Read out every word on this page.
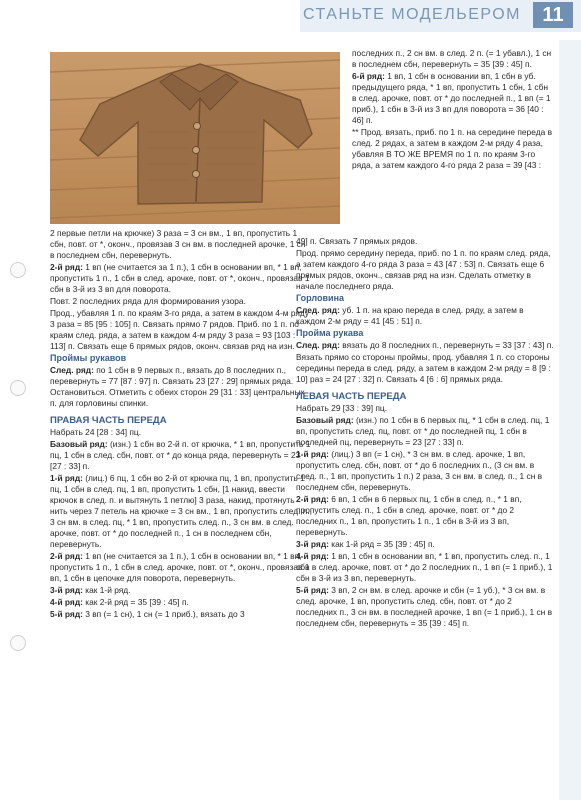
СТАНЬТЕ МОДЕЛЬЕРОМ	11

последних п., 2 сн вм. в след. 2 п. (= 1 убавл.), 1 сн в последнем сбн, перевернуть = 35 [39 : 45] п.

6-й ряд: 1 вп, 1 сбн в основании вп, 1 сбн в уб. предыдущего ряда, * 1 вп, пропустить 1 сбн, 1 сбн в след. арочке, повт. от * до последней п., 1 вп (= 1 приб.), 1 сбн в 3-й из 3 вп для поворота = 36 [40 : 46] п.

** Прод. вязать, приб. по 1 п. на середине переда в след. 2 рядах, а затем в каждом 2-м ряду 4 раза, убавляя В ТО ЖЕ ВРЕМЯ по 1 п. по краям 3-го ряда, а затем каждого 4-го ряда 2 раза = 39 [43 :

2 первые петли на крючке) 3 раза = 3 сн вм., 1 вп, пропустить 1 сбн, повт. от *, оконч., провязав 3 сн вм. в последней арочке, 1 сн в последнем сбн, перевернуть.

2-й ряд: 1 вп (не считается за 1 п.), 1 сбн в основании вп, * 1 вп, пропустить 1 п., 1 сбн в след. арочке, повт. от *, оконч., провязав 1 сбн в 3-й из 3 вп для поворота.

Повт. 2 последних ряда для формирования узора.

Прод., убавляя 1 п. по краям 3-го ряда, а затем в каждом 4-м ряду 3 раза = 85 [95 : 105] п. Связать прямо 7 рядов. Приб. по 1 п. по краям след. ряда, а затем в каждом 4-м ряду 3 раза = 93 [103 : 113] п. Связать еще 6 прямых рядов, оконч. связав ряд на изн.

Проймы рукавов

След. ряд: по 1 сбн в 9 первых п., вязать до 8 последних п., перевернуть = 77 [87 : 97] п. Связать 23 [27 : 29] прямых ряда. Остановиться. Отметить с обеих сторон 29 [31 : 33] центральных п. для горловины спинки.

ПРАВАЯ ЧАСТЬ ПЕРЕДА

Набрать 24 [28 : 34] пц.

Базовый ряд: (изн.) 1 сбн во 2-й п. от крючка, * 1 вп, пропустить 1 пц, 1 сбн в след. сбн, повт. от * до конца ряда, перевернуть = 23 [27 : 33] п.

1-й ряд: (лиц.) 6 пц, 1 сбн во 2-й от крючка пц, 1 вп, пропустить 1 пц, 1 сбн в след. пц, 1 вп, пропустить 1 сбн, [1 накид, ввести крючок в след. п. и вытянуть 1 петлю] 3 раза, накид, протянуть нить через 7 петель на крючке = 3 сн вм., 1 вп, пропустить след. п., 3 сн вм. в след. пц, * 1 вп, пропустить след. п., 3 сн вм. в след. арочке, повт. от * до последней п., 1 сн в последнем сбн, перевернуть.

2-й ряд: 1 вп (не считается за 1 п.), 1 сбн в основании вп, * 1 вп, пропустить 1 п., 1 сбн в след. арочке, повт. от *, оконч., провязав 1 вп, 1 сбн в цепочке для поворота, перевернуть.

3-й ряд: как 1-й ряд.

4-й ряд: как 2-й ряд = 35 [39 : 45] п.

5-й ряд: 3 вп (= 1 сн), 1 сн (= 1 приб.), вязать до 3

49] п. Связать 7 прямых рядов.

Прод. прямо середину переда, приб. по 1 п. по краям след. ряда, а затем каждого 4-го ряда 3 раза = 43 [47 : 53] п. Связать еще 6 прямых рядов, оконч., связав ряд на изн. Сделать отметку в начале последнего ряда.

Горловина

След. ряд: уб. 1 п. на краю переда в след. ряду, а затем в каждом 2-м ряду = 41 [45 : 51] п.

Пройма рукава

След. ряд: вязать до 8 последних п., перевернуть = 33 [37 : 43] п.

Вязать прямо со стороны проймы, прод. убавляя 1 п. со стороны середины переда в след. ряду, а затем в каждом 2-м ряду = 8 [9 : 10] раз = 24 [27 : 32] п. Связать 4 [6 : 6] прямых ряда.

ЛЕВАЯ ЧАСТЬ ПЕРЕДА

Набрать 29 [33 : 39] пц.

Базовый ряд: (изн.) по 1 сбн в 6 первых пц, * 1 сбн в след. пц, 1 вп, пропустить след. пц, повт. от * до последней пц, 1 сбн в последней пц, перевернуть = 23 [27 : 33] п.

1-й ряд: (лиц.) 3 вп (= 1 сн), * 3 сн вм. в след. арочке, 1 вп, пропустить след. сбн, повт. от * до 6 последних п., (3 сн вм. в след. п., 1 вп, пропустить 1 п.) 2 раза, 3 сн вм. в след. п., 1 сн в последнем сбн, перевернуть.

2-й ряд: 6 вп, 1 сбн в 6 первых пц, 1 сбн в след. п., * 1 вп, пропустить след. п., 1 сбн в след. арочке, повт. от * до 2 последних п., 1 вп, пропустить 1 п., 1 сбн в 3-й из 3 вп, перевернуть.

3-й ряд: как 1-й ряд = 35 [39 : 45] п.

4-й ряд: 1 вп, 1 сбн в основании вп, * 1 вп, пропустить след. п., 1 сбн в след. арочке, повт. от * до 2 последних п., 1 вп (= 1 приб.), 1 сбн в 3-й из 3 вп, перевернуть.

5-й ряд: 3 вп, 2 сн вм. в след. арочке и сбн (= 1 уб.), * 3 сн вм. в след. арочке, 1 вп, пропустить след. сбн, повт. от * до 2 последних п., 3 сн вм. в последней арочке, 1 вп (= 1 приб.), 1 сн в последнем сбн, перевернуть = 35 [39 : 45] п.
